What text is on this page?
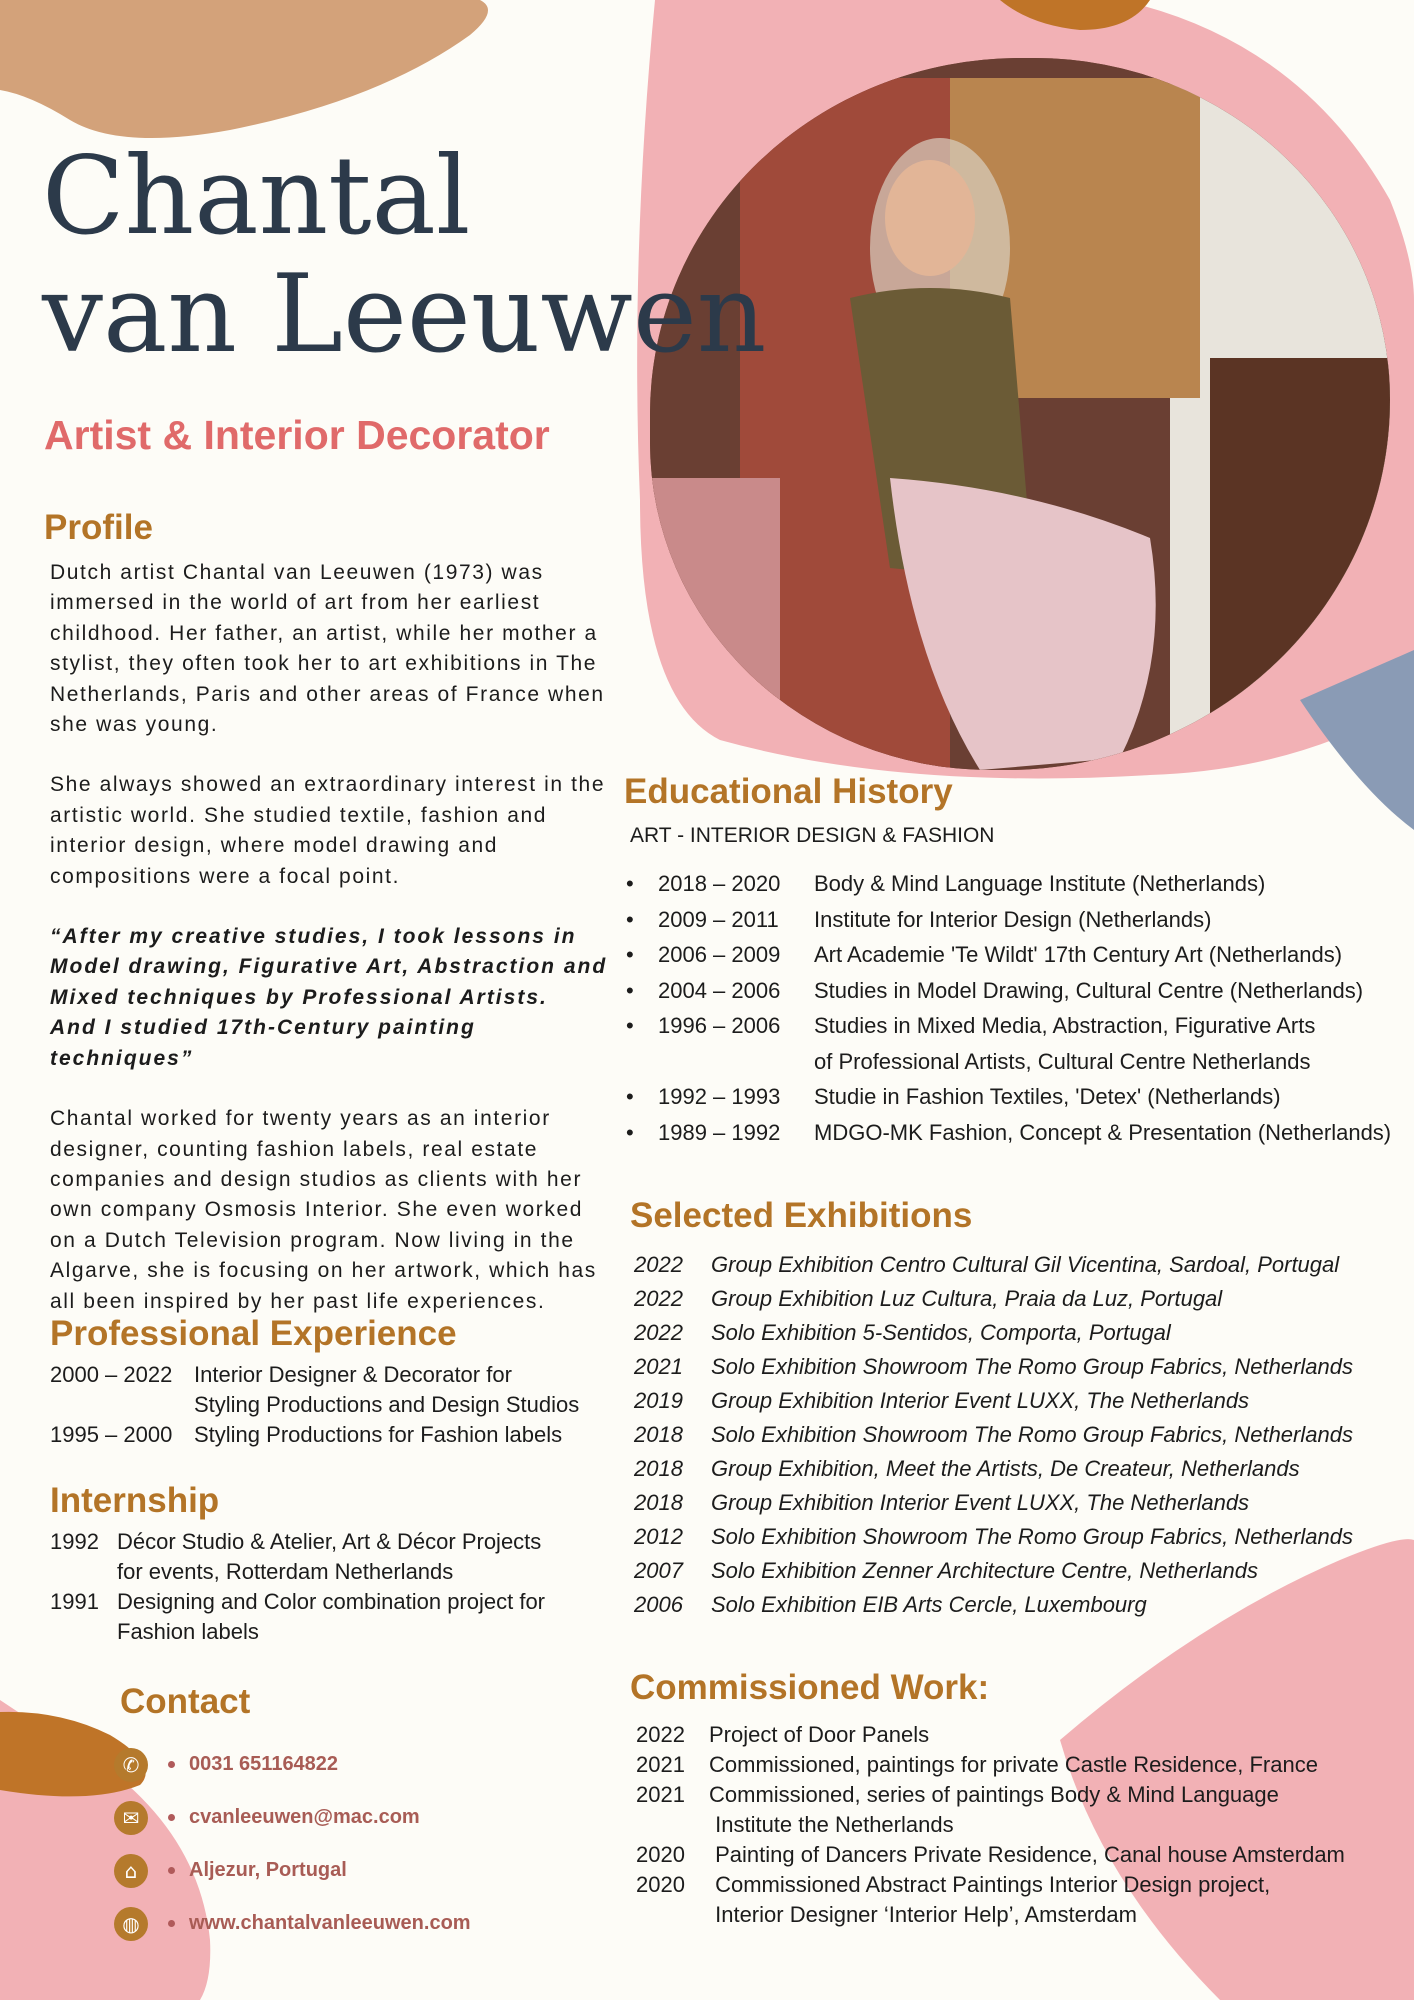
Chantal
van Leeuwen
Artist & Interior Decorator
Profile

Dutch artist Chantal van Leeuwen (1973) was immersed in the world of art from her earliest childhood. Her father, an artist, while her mother a stylist, they often took her to art exhibitions in The Netherlands, Paris and other areas of France when she was young.

She always showed an extraordinary interest in the artistic world. She studied textile, fashion and interior design, where model drawing and compositions were a focal point.

“After my creative studies, I took lessons in Model drawing, Figurative Art, Abstraction and Mixed techniques by Professional Artists.
And I studied 17th-Century painting techniques”

Chantal worked for twenty years as an interior designer, counting fashion labels, real estate companies and design studios as clients with her own company Osmosis Interior. She even worked on a Dutch Television program. Now living in the Algarve, she is focusing on her artwork, which has all been inspired by her past life experiences.

Professional Experience
2000 – 2022 Interior Designer & Decorator for
Styling Productions and Design Studios
1995 – 2000 Styling Productions for Fashion labels
Internship
1992 Décor Studio & Atelier, Art & Décor Projects
for events, Rotterdam Netherlands
1991 Designing and Color combination project for
Fashion labels
Contact
✆	0031 651164822
✉	cvanleeuwen@mac.com
⌂	Aljezur, Portugal
◍	www.chantalvanleeuwen.com
Educational History
ART - INTERIOR DESIGN & FASHION
•	2018 – 2020	Body & Mind Language Institute (Netherlands)
•	2009 – 2011	Institute for Interior Design (Netherlands)
•	2006 – 2009	Art Academie 'Te Wildt' 17th Century Art (Netherlands)
•	2004 – 2006	Studies in Model Drawing, Cultural Centre (Netherlands)
•	1996 – 2006	Studies in Mixed Media, Abstraction, Figurative Arts
of Professional Artists, Cultural Centre Netherlands
•	1992 – 1993	Studie in Fashion Textiles, 'Detex' (Netherlands)
•	1989 – 1992	MDGO-MK Fashion, Concept & Presentation (Netherlands)
Selected Exhibitions
2022	Group Exhibition Centro Cultural Gil Vicentina, Sardoal, Portugal
2022	Group Exhibition Luz Cultura, Praia da Luz, Portugal
2022	Solo Exhibition 5-Sentidos, Comporta, Portugal
2021	Solo Exhibition Showroom The Romo Group Fabrics, Netherlands
2019	Group Exhibition Interior Event LUXX, The Netherlands
2018	Solo Exhibition Showroom The Romo Group Fabrics, Netherlands
2018	Group Exhibition, Meet the Artists, De Createur, Netherlands
2018	Group Exhibition Interior Event LUXX, The Netherlands
2012	Solo Exhibition Showroom The Romo Group Fabrics, Netherlands
2007	Solo Exhibition Zenner Architecture Centre, Netherlands
2006	Solo Exhibition EIB Arts Cercle, Luxembourg
Commissioned Work:
2022	Project of Door Panels
2021	Commissioned, paintings for private Castle Residence, France
2021	Commissioned, series of paintings Body & Mind Language
Institute the Netherlands
2020	Painting of Dancers Private Residence, Canal house Amsterdam
2020	Commissioned Abstract Paintings Interior Design project,
Interior Designer ‘Interior Help’, Amsterdam
